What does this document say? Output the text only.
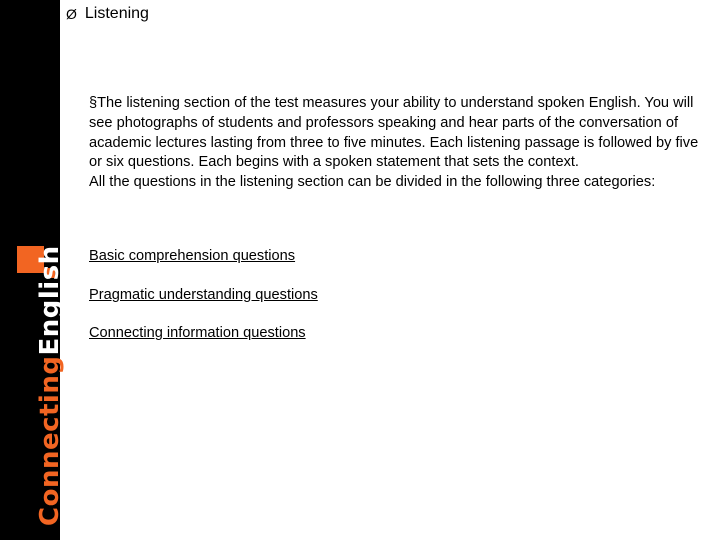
ConnectingEnglish
Ø Listening

§The listening section of the test measures your ability to understand spoken English. You will see photographs of students and professors speaking and hear parts of the conversation of academic lectures lasting from three to five minutes. Each listening passage is followed by five or six questions. Each begins with a spoken statement that sets the context.

All the questions in the listening section can be divided in the following three categories:

Basic comprehension questions
Pragmatic understanding questions
Connecting information questions
